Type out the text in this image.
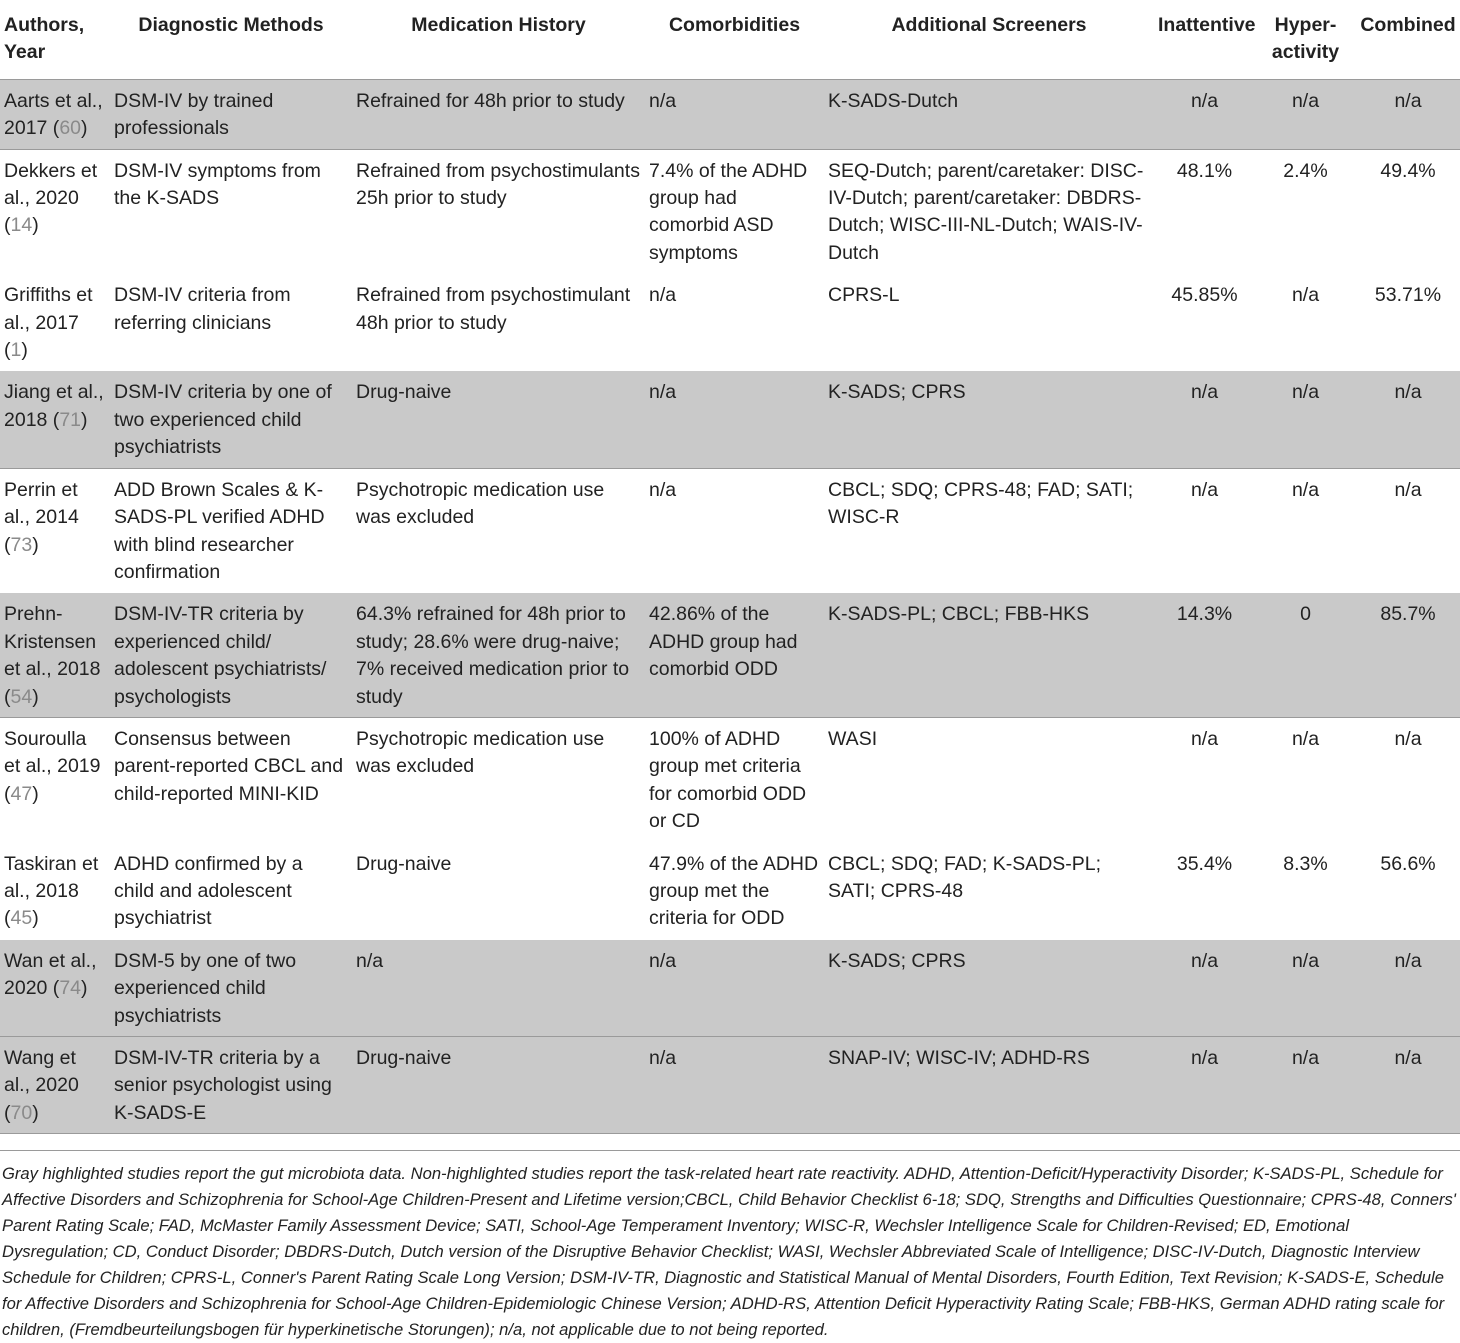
Authors, Year	Diagnostic Methods	Medication History	Comorbidities	Additional Screeners	Inattentive	Hyper-activity	Combined
Aarts et al., 2017 (60)	DSM-IV by trained professionals	Refrained for 48h prior to study	n/a	K-SADS-Dutch	n/a	n/a	n/a
Dekkers et al., 2020 (14)	DSM-IV symptoms from the K-SADS	Refrained from psychostimulants 25h prior to study	7.4% of the ADHD group had comorbid ASD symptoms	SEQ-Dutch; parent/caretaker: DISC-IV-Dutch; parent/caretaker: DBDRS-Dutch; WISC-III-NL-Dutch; WAIS-IV-Dutch	48.1%	2.4%	49.4%
Griffiths et al., 2017 (1)	DSM-IV criteria from referring clinicians	Refrained from psychostimulant 48h prior to study	n/a	CPRS-L	45.85%	n/a	53.71%
Jiang et al., 2018 (71)	DSM-IV criteria by one of two experienced child psychiatrists	Drug-naive	n/a	K-SADS; CPRS	n/a	n/a	n/a
Perrin et al., 2014 (73)	ADD Brown Scales & K-SADS-PL verified ADHD with blind researcher confirmation	Psychotropic medication use was excluded	n/a	CBCL; SDQ; CPRS-48; FAD; SATI; WISC-R	n/a	n/a	n/a
Prehn-Kristensen et al., 2018 (54)	DSM-IV-TR criteria by experienced child/ adolescent psychiatrists/ psychologists	64.3% refrained for 48h prior to study; 28.6% were drug-naive; 7% received medication prior to study	42.86% of the ADHD group had comorbid ODD	K-SADS-PL; CBCL; FBB-HKS	14.3%	0	85.7%
Souroulla et al., 2019 (47)	Consensus between parent-reported CBCL and child-reported MINI-KID	Psychotropic medication use was excluded	100% of ADHD group met criteria for comorbid ODD or CD	WASI	n/a	n/a	n/a
Taskiran et al., 2018 (45)	ADHD confirmed by a child and adolescent psychiatrist	Drug-naive	47.9% of the ADHD group met the criteria for ODD	CBCL; SDQ; FAD; K-SADS-PL; SATI; CPRS-48	35.4%	8.3%	56.6%
Wan et al., 2020 (74)	DSM-5 by one of two experienced child psychiatrists	n/a	n/a	K-SADS; CPRS	n/a	n/a	n/a
Wang et al., 2020 (70)	DSM-IV-TR criteria by a senior psychologist using K-SADS-E	Drug-naive	n/a	SNAP-IV; WISC-IV; ADHD-RS	n/a	n/a	n/a

Gray highlighted studies report the gut microbiota data. Non-highlighted studies report the task-related heart rate reactivity. ADHD, Attention-Deficit/Hyperactivity Disorder; K-SADS-PL, Schedule for Affective Disorders and Schizophrenia for School-Age Children-Present and Lifetime version;CBCL, Child Behavior Checklist 6-18; SDQ, Strengths and Difficulties Questionnaire; CPRS-48, Conners' Parent Rating Scale; FAD, McMaster Family Assessment Device; SATI, School-Age Temperament Inventory; WISC-R, Wechsler Intelligence Scale for Children-Revised; ED, Emotional Dysregulation; CD, Conduct Disorder; DBDRS-Dutch, Dutch version of the Disruptive Behavior Checklist; WASI, Wechsler Abbreviated Scale of Intelligence; DISC-IV-Dutch, Diagnostic Interview Schedule for Children; CPRS-L, Conner's Parent Rating Scale Long Version; DSM-IV-TR, Diagnostic and Statistical Manual of Mental Disorders, Fourth Edition, Text Revision; K-SADS-E, Schedule for Affective Disorders and Schizophrenia for School-Age Children-Epidemiologic Chinese Version; ADHD-RS, Attention Deficit Hyperactivity Rating Scale; FBB-HKS, German ADHD rating scale for children, (Fremdbeurteilungsbogen für hyperkinetische Storungen); n/a, not applicable due to not being reported.
